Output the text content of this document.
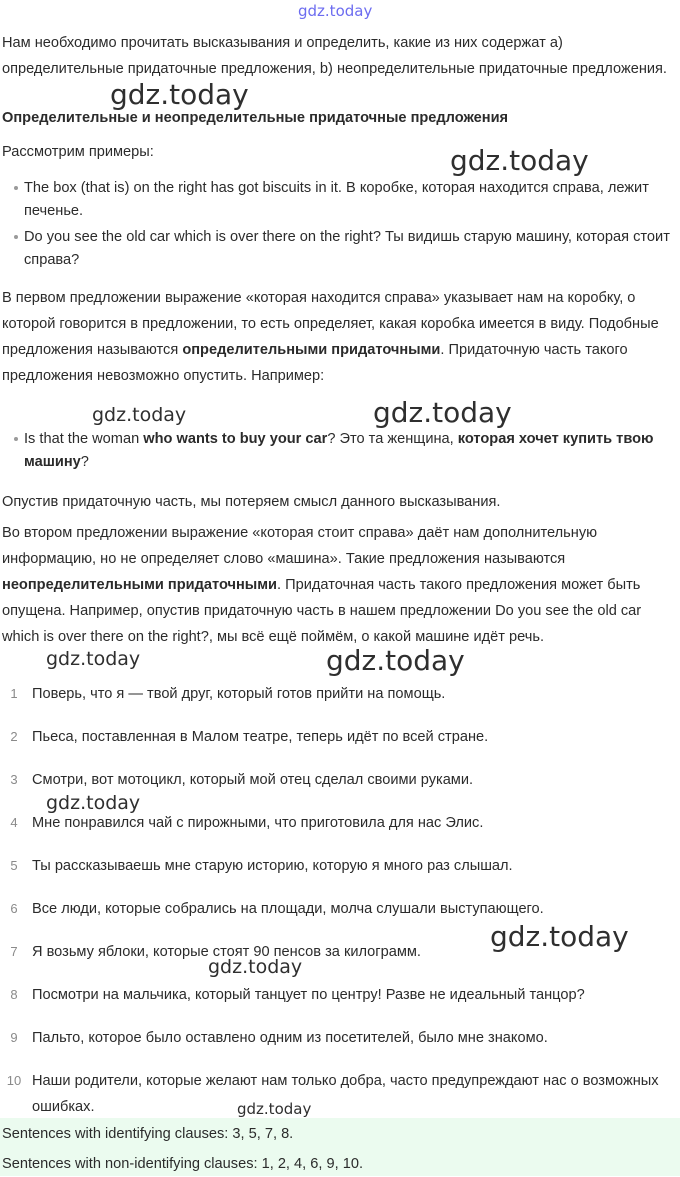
gdz.today

Нам необходимо прочитать высказывания и определить, какие из них содержат a) определительные придаточные предложения, b) неопределительные придаточные предложения.

Определительные и неопределительные придаточные предложения

Рассмотрим примеры:

The box (that is) on the right has got biscuits in it. В коробке, которая находится справа, лежит печенье.
Do you see the old car which is over there on the right? Ты видишь старую машину, которая стоит справа?

В первом предложении выражение «которая находится справа» указывает нам на коробку, о которой говорится в предложении, то есть определяет, какая коробка имеется в виду. Подобные предложения называются определительными придаточными. Придаточную часть такого предложения невозможно опустить. Например:

Is that the woman who wants to buy your car? Это та женщина, которая хочет купить твою машину?

Опустив придаточную часть, мы потеряем смысл данного высказывания.

Во втором предложении выражение «которая стоит справа» даёт нам дополнительную информацию, но не определяет слово «машина». Такие предложения называются неопределительными придаточными. Придаточная часть такого предложения может быть опущена. Например, опустив придаточную часть в нашем предложении Do you see the old car which is over there on the right?, мы всё ещё поймём, о какой машине идёт речь.

1 Поверь, что я — твой друг, который готов прийти на помощь.
2 Пьеса, поставленная в Малом театре, теперь идёт по всей стране.
3 Смотри, вот мотоцикл, который мой отец сделал своими руками.
4 Мне понравился чай с пирожными, что приготовила для нас Элис.
5 Ты рассказываешь мне старую историю, которую я много раз слышал.
6 Все люди, которые собрались на площади, молча слушали выступающего.
7 Я возьму яблоки, которые стоят 90 пенсов за килограмм.
8 Посмотри на мальчика, который танцует по центру! Разве не идеальный танцор?
9 Пальто, которое было оставлено одним из посетителей, было мне знакомо.
10 Наши родители, которые желают нам только добра, часто предупреждают нас о возможных ошибках.
Sentences with identifying clauses: 3, 5, 7, 8.
Sentences with non-identifying clauses: 1, 2, 4, 6, 9, 10.
gdz.today
gdz.today
gdz.today	gdz.today
gdz.today	gdz.today
gdz.today
gdz.today
gdz.today
gdz.today
